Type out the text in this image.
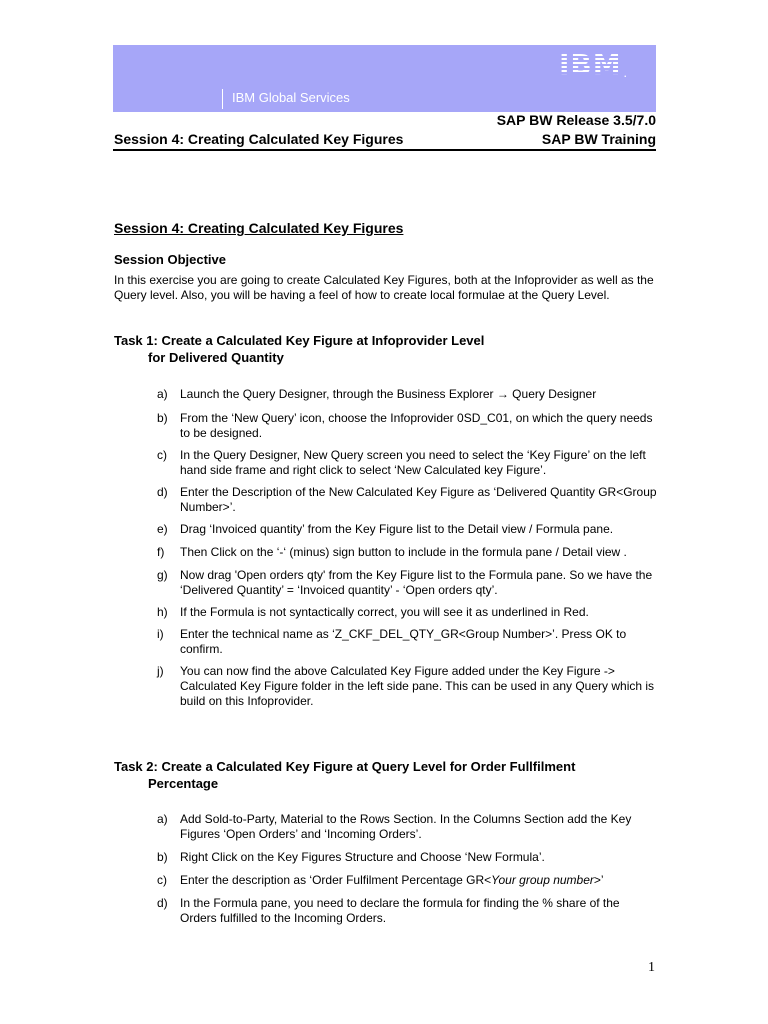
IBM Global Services
IBM .
SAP BW Release 3.5/7.0
Session 4: Creating Calculated Key Figures	SAP BW Training
Session 4: Creating Calculated Key Figures
Session Objective
In this exercise you are going to create Calculated Key Figures, both at the Infoprovider as well as the Query level. Also, you will be having a feel of how to create local formulae at the Query Level.
Task 1: Create a Calculated Key Figure at Infoprovider Level
for Delivered Quantity
a) Launch the Query Designer, through the Business Explorer → Query Designer
b) From the ‘New Query’ icon, choose the Infoprovider 0SD_C01, on which the query needs to be designed.
c) In the Query Designer, New Query screen you need to select the ‘Key Figure’ on the left hand side frame and right click to select ‘New Calculated key Figure’.
d) Enter the Description of the New Calculated Key Figure as ‘Delivered Quantity GR<Group Number>’.
e) Drag ‘Invoiced quantity’ from the Key Figure list to the Detail view / Formula pane.
f) Then Click on the ‘-‘ (minus) sign button to include in the formula pane / Detail view .
g) Now drag 'Open orders qty' from the Key Figure list to the Formula pane. So we have the ‘Delivered Quantity’ = ‘Invoiced quantity’ - ‘Open orders qty’.
h) If the Formula is not syntactically correct, you will see it as underlined in Red.
i) Enter the technical name as ‘Z_CKF_DEL_QTY_GR<Group Number>’. Press OK to confirm.
j) You can now find the above Calculated Key Figure added under the Key Figure -> Calculated Key Figure folder in the left side pane. This can be used in any Query which is build on this Infoprovider.
Task 2: Create a Calculated Key Figure at Query Level for Order Fullfilment
Percentage
a) Add Sold-to-Party, Material to the Rows Section. In the Columns Section add the Key Figures ‘Open Orders’ and ‘Incoming Orders’.
b) Right Click on the Key Figures Structure and Choose ‘New Formula’.
c) Enter the description as ‘Order Fulfilment Percentage GR<Your group number>’
d) In the Formula pane, you need to declare the formula for finding the % share of the Orders fulfilled to the Incoming Orders.
1
